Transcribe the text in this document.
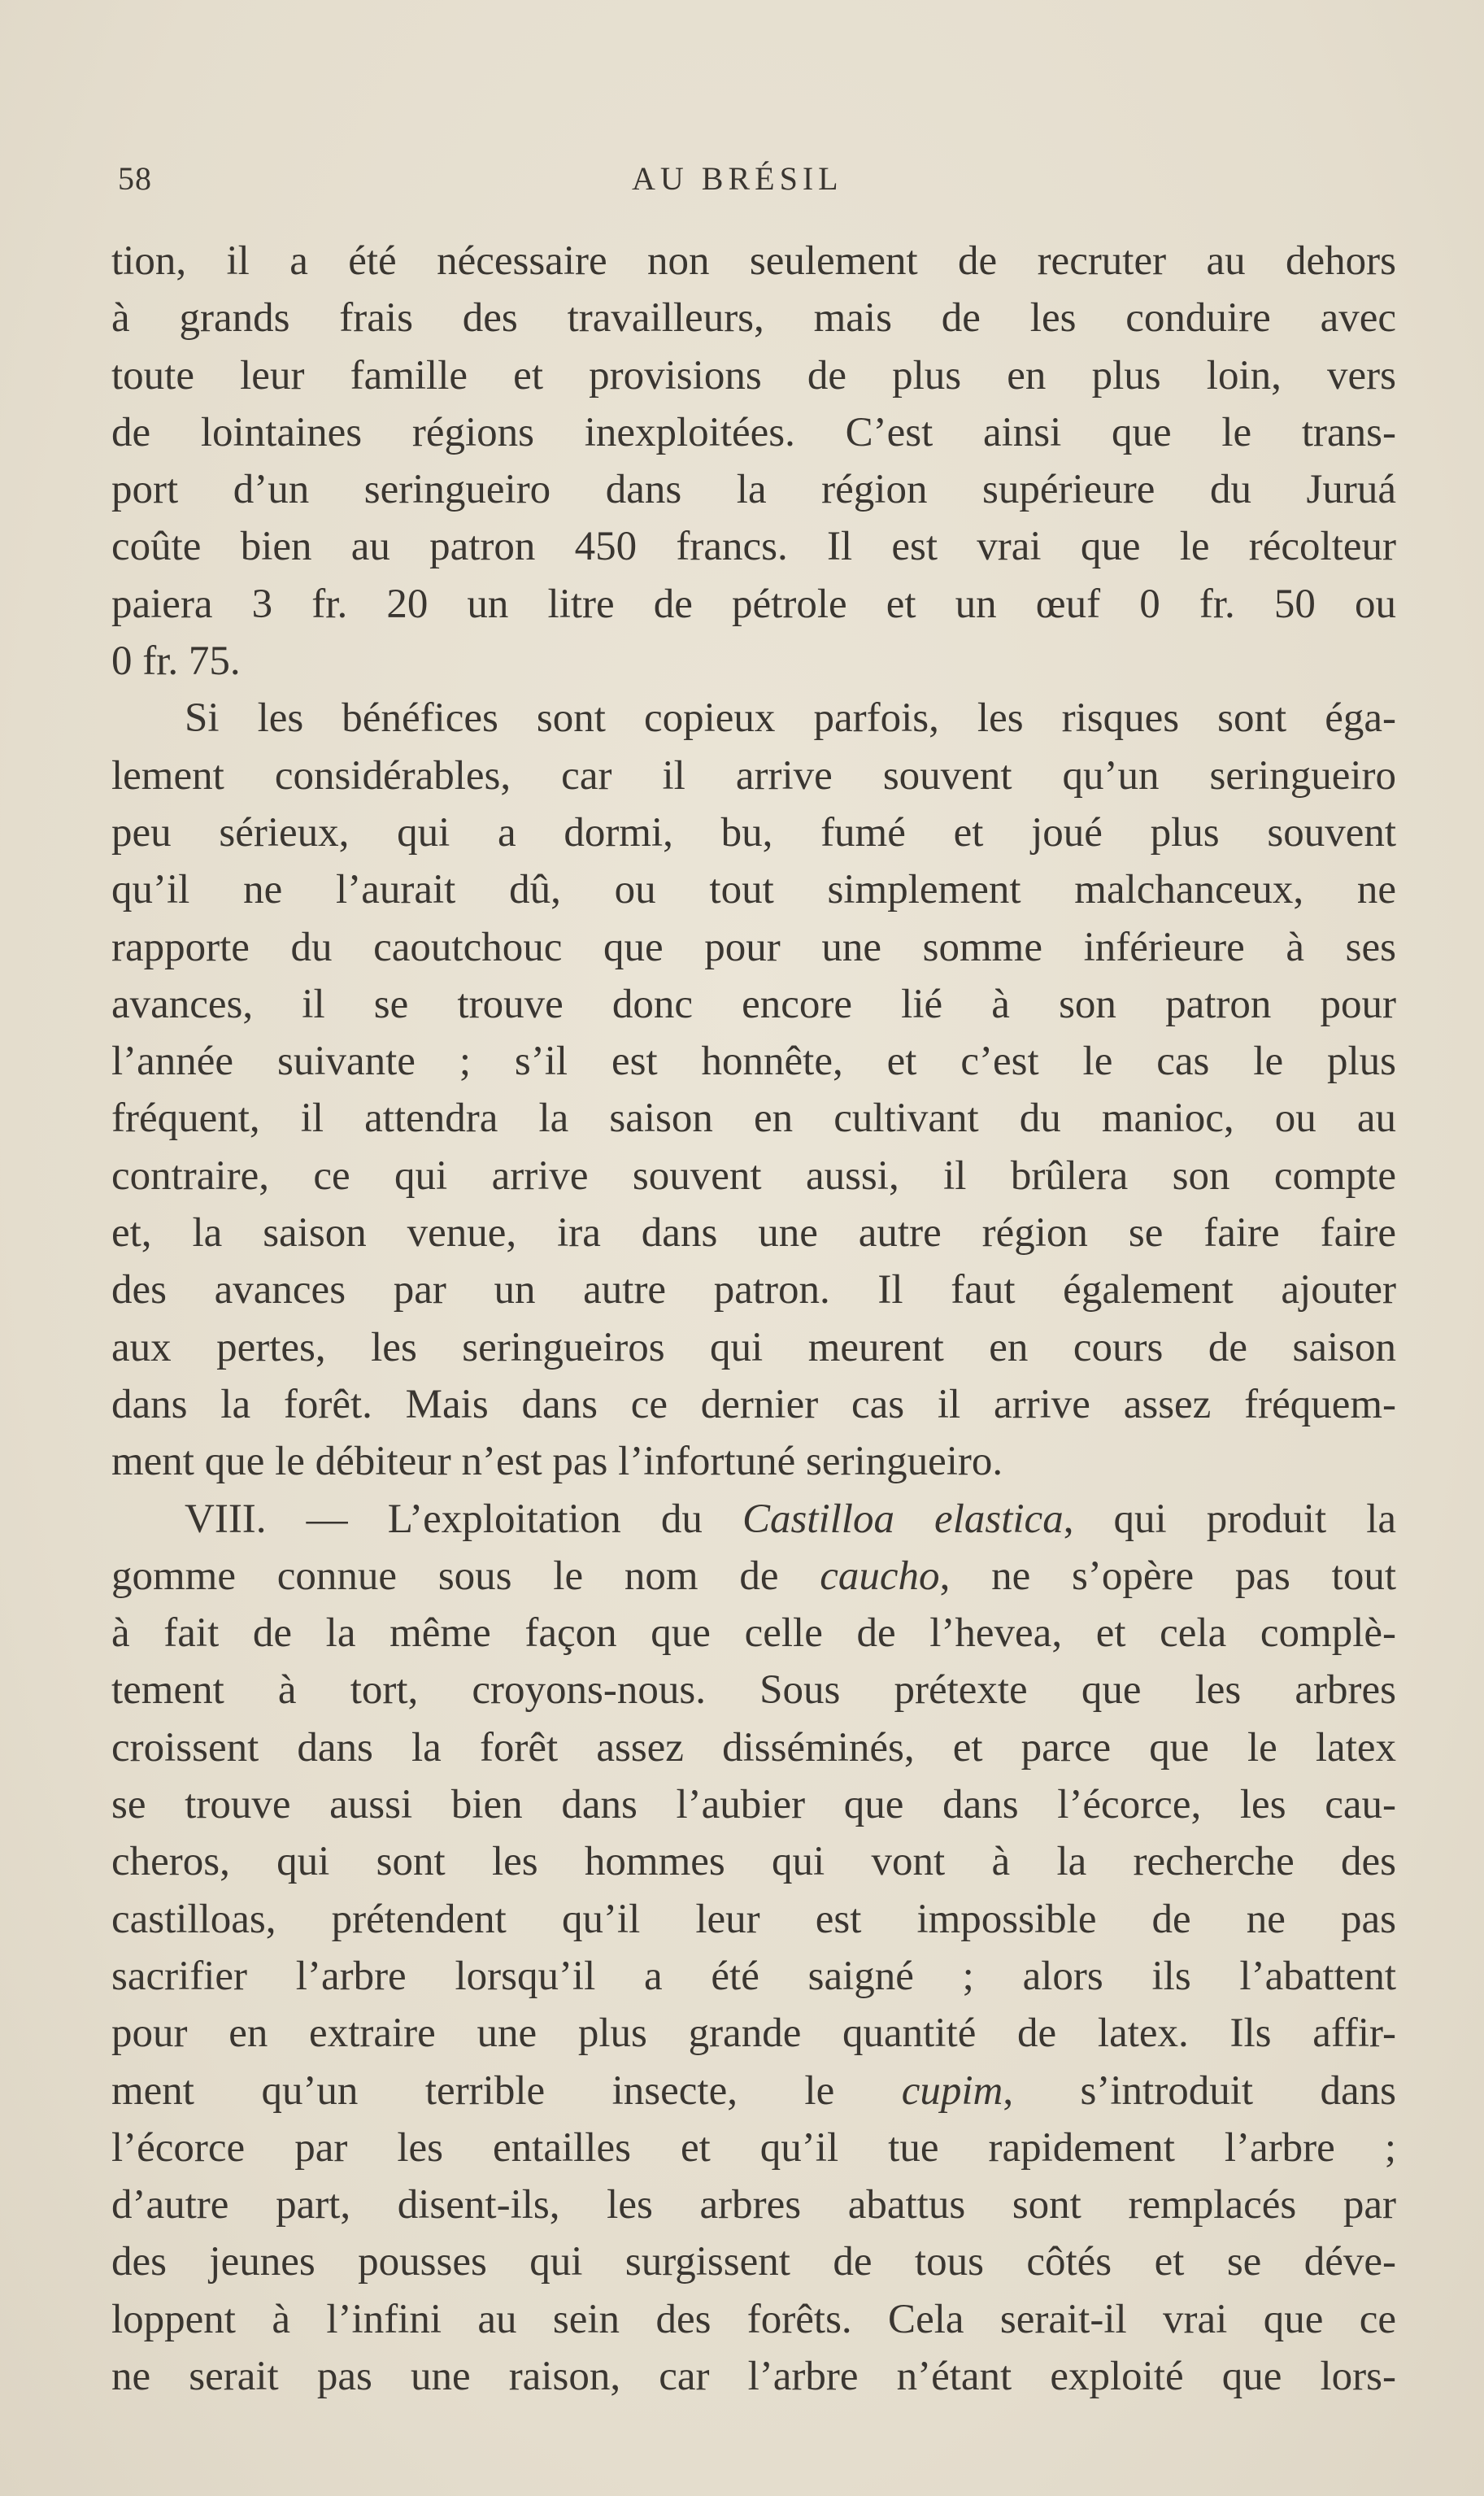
58	AU BRÉSIL
tion, il a été nécessaire non seulement de recruter au dehors
à grands frais des travailleurs, mais de les conduire avec
toute leur famille et provisions de plus en plus loin, vers
de lointaines régions inexploitées. C’est ainsi que le trans-
port d’un seringueiro dans la région supérieure du Juruá
coûte bien au patron 450 francs. Il est vrai que le récolteur
paiera 3 fr. 20 un litre de pétrole et un œuf 0 fr. 50 ou
0 fr. 75.
Si les bénéfices sont copieux parfois, les risques sont éga-
lement considérables, car il arrive souvent qu’un seringueiro
peu sérieux, qui a dormi, bu, fumé et joué plus souvent
qu’il ne l’aurait dû, ou tout simplement malchanceux, ne
rapporte du caoutchouc que pour une somme inférieure à ses
avances, il se trouve donc encore lié à son patron pour
l’année suivante ; s’il est honnête, et c’est le cas le plus
fréquent, il attendra la saison en cultivant du manioc, ou au
contraire, ce qui arrive souvent aussi, il brûlera son compte
et, la saison venue, ira dans une autre région se faire faire
des avances par un autre patron. Il faut également ajouter
aux pertes, les seringueiros qui meurent en cours de saison
dans la forêt. Mais dans ce dernier cas il arrive assez fréquem-
ment que le débiteur n’est pas l’infortuné seringueiro.
VIII. — L’exploitation du Castilloa elastica, qui produit la
gomme connue sous le nom de caucho, ne s’opère pas tout
à fait de la même façon que celle de l’hevea, et cela complè-
tement à tort, croyons-nous. Sous prétexte que les arbres
croissent dans la forêt assez disséminés, et parce que le latex
se trouve aussi bien dans l’aubier que dans l’écorce, les cau-
cheros, qui sont les hommes qui vont à la recherche des
castilloas, prétendent qu’il leur est impossible de ne pas
sacrifier l’arbre lorsqu’il a été saigné ; alors ils l’abattent
pour en extraire une plus grande quantité de latex. Ils affir-
ment qu’un terrible insecte, le cupim, s’introduit dans
l’écorce par les entailles et qu’il tue rapidement l’arbre ;
d’autre part, disent-ils, les arbres abattus sont remplacés par
des jeunes pousses qui surgissent de tous côtés et se déve-
loppent à l’infini au sein des forêts. Cela serait-il vrai que ce
ne serait pas une raison, car l’arbre n’étant exploité que lors-
